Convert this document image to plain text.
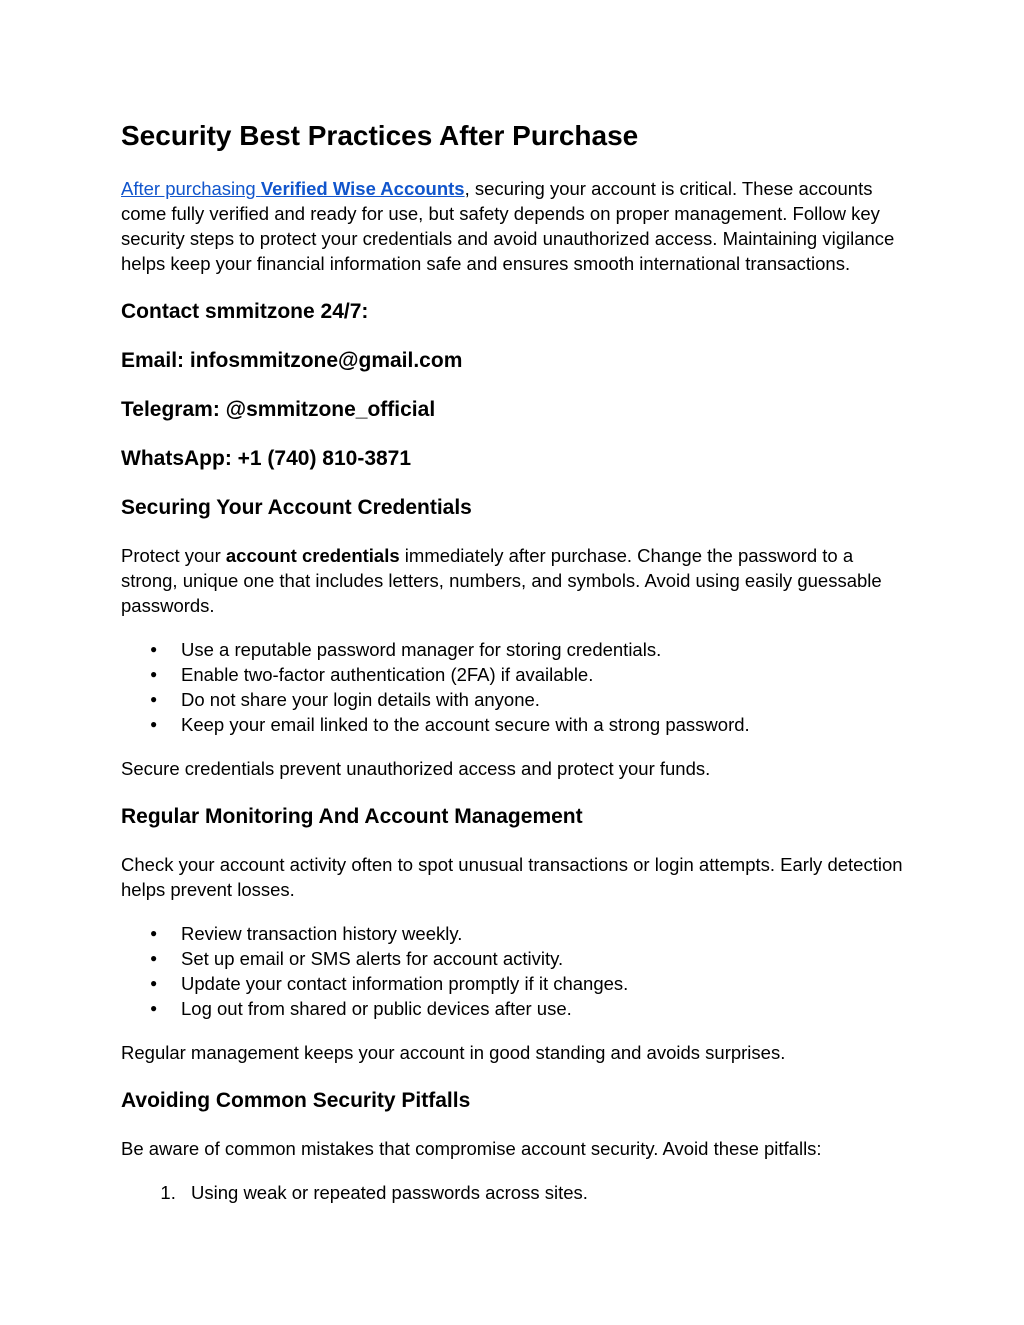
Security Best Practices After Purchase

After purchasing Verified Wise Accounts, securing your account is critical. These accounts come fully verified and ready for use, but safety depends on proper management. Follow key security steps to protect your credentials and avoid unauthorized access. Maintaining vigilance helps keep your financial information safe and ensures smooth international transactions.

Contact smmitzone 24/7:
Email: infosmmitzone@gmail.com
Telegram: @smmitzone_official
WhatsApp: +1 (740) 810-3871
Securing Your Account Credentials

Protect your account credentials immediately after purchase. Change the password to a strong, unique one that includes letters, numbers, and symbols. Avoid using easily guessable passwords.

● Use a reputable password manager for storing credentials.
● Enable two-factor authentication (2FA) if available.
● Do not share your login details with anyone.
● Keep your email linked to the account secure with a strong password.

Secure credentials prevent unauthorized access and protect your funds.

Regular Monitoring And Account Management

Check your account activity often to spot unusual transactions or login attempts. Early detection helps prevent losses.

● Review transaction history weekly.
● Set up email or SMS alerts for account activity.
● Update your contact information promptly if it changes.
● Log out from shared or public devices after use.

Regular management keeps your account in good standing and avoids surprises.

Avoiding Common Security Pitfalls

Be aware of common mistakes that compromise account security. Avoid these pitfalls:

1. Using weak or repeated passwords across sites.
